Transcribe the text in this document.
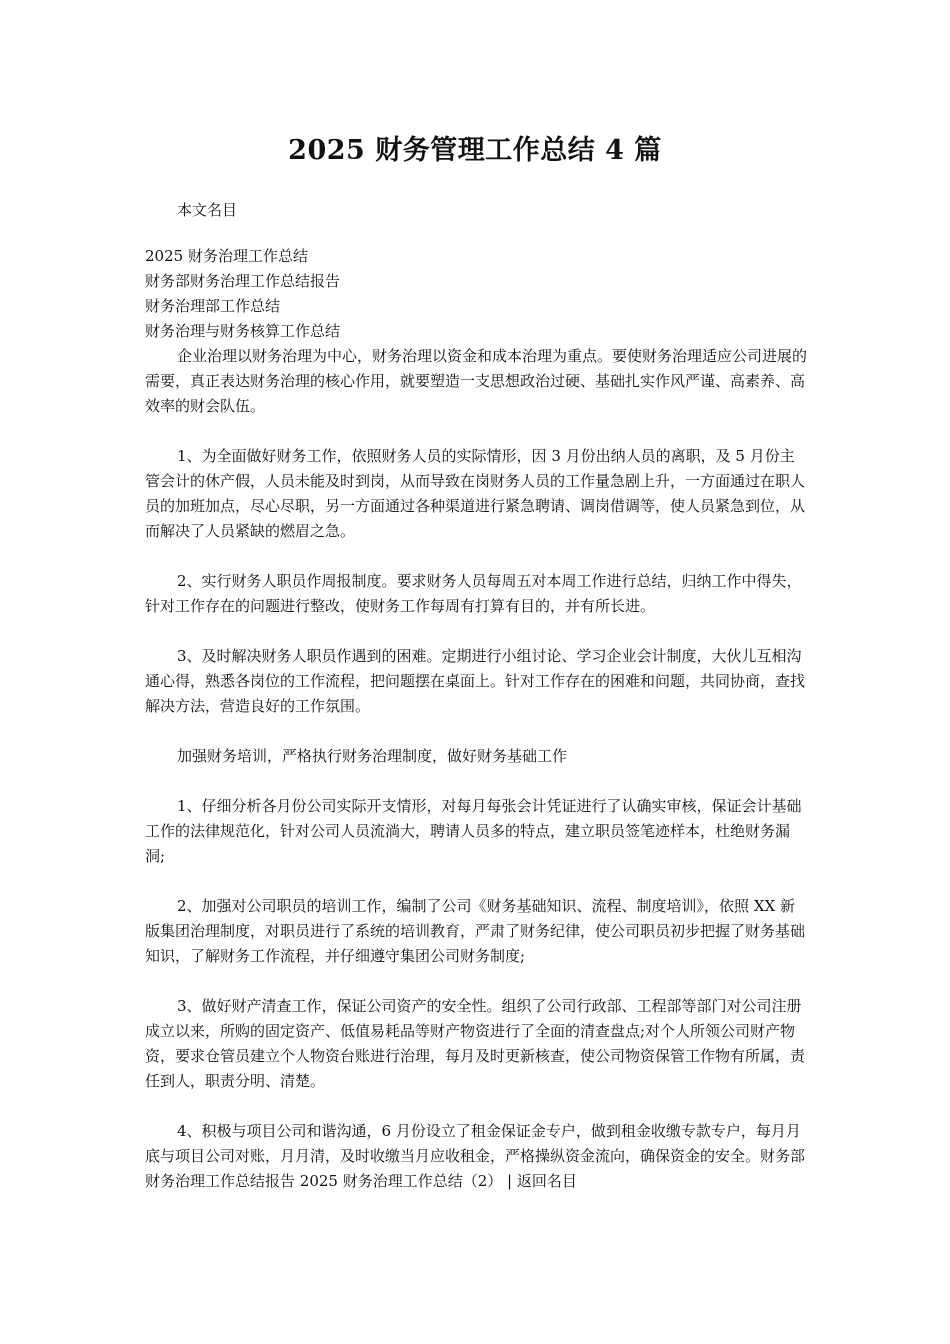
2025 财务管理工作总结 4 篇

本文名目

2025 财务治理工作总结

财务部财务治理工作总结报告

财务治理部工作总结

财务治理与财务核算工作总结

企业治理以财务治理为中心，财务治理以资金和成本治理为重点。要使财务治理适应公司进展的需要，真正表达财务治理的核心作用，就要塑造一支思想政治过硬、基础扎实作风严谨、高素养、高效率的财会队伍。

1、为全面做好财务工作，依照财务人员的实际情形，因 3 月份出纳人员的离职，及 5 月份主管会计的休产假，人员未能及时到岗，从而导致在岗财务人员的工作量急剧上升，一方面通过在职人员的加班加点，尽心尽职，另一方面通过各种渠道进行紧急聘请、调岗借调等，使人员紧急到位，从而解决了人员紧缺的燃眉之急。

2、实行财务人职员作周报制度。要求财务人员每周五对本周工作进行总结，归纳工作中得失，针对工作存在的问题进行整改，使财务工作每周有打算有目的，并有所长进。

3、及时解决财务人职员作遇到的困难。定期进行小组讨论、学习企业会计制度，大伙儿互相沟通心得，熟悉各岗位的工作流程，把问题摆在桌面上。针对工作存在的困难和问题，共同协商，查找解决方法，营造良好的工作氛围。

加强财务培训，严格执行财务治理制度，做好财务基础工作

1、仔细分析各月份公司实际开支情形，对每月每张会计凭证进行了认确实审核，保证会计基础工作的法律规范化，针对公司人员流淌大，聘请人员多的特点，建立职员签笔迹样本，杜绝财务漏洞;

2、加强对公司职员的培训工作，编制了公司《财务基础知识、流程、制度培训》，依照 XX 新版集团治理制度，对职员进行了系统的培训教育，严肃了财务纪律，使公司职员初步把握了财务基础知识，了解财务工作流程，并仔细遵守集团公司财务制度;

3、做好财产清查工作，保证公司资产的安全性。组织了公司行政部、工程部等部门对公司注册成立以来，所购的固定资产、低值易耗品等财产物资进行了全面的清查盘点;对个人所领公司财产物资，要求仓管员建立个人物资台账进行治理，每月及时更新核查，使公司物资保管工作物有所属，责任到人，职责分明、清楚。

4、积极与项目公司和谐沟通，6 月份设立了租金保证金专户，做到租金收缴专款专户，每月月底与项目公司对账，月月清，及时收缴当月应收租金，严格操纵资金流向，确保资金的安全。财务部财务治理工作总结报告 2025 财务治理工作总结（2） | 返回名目
